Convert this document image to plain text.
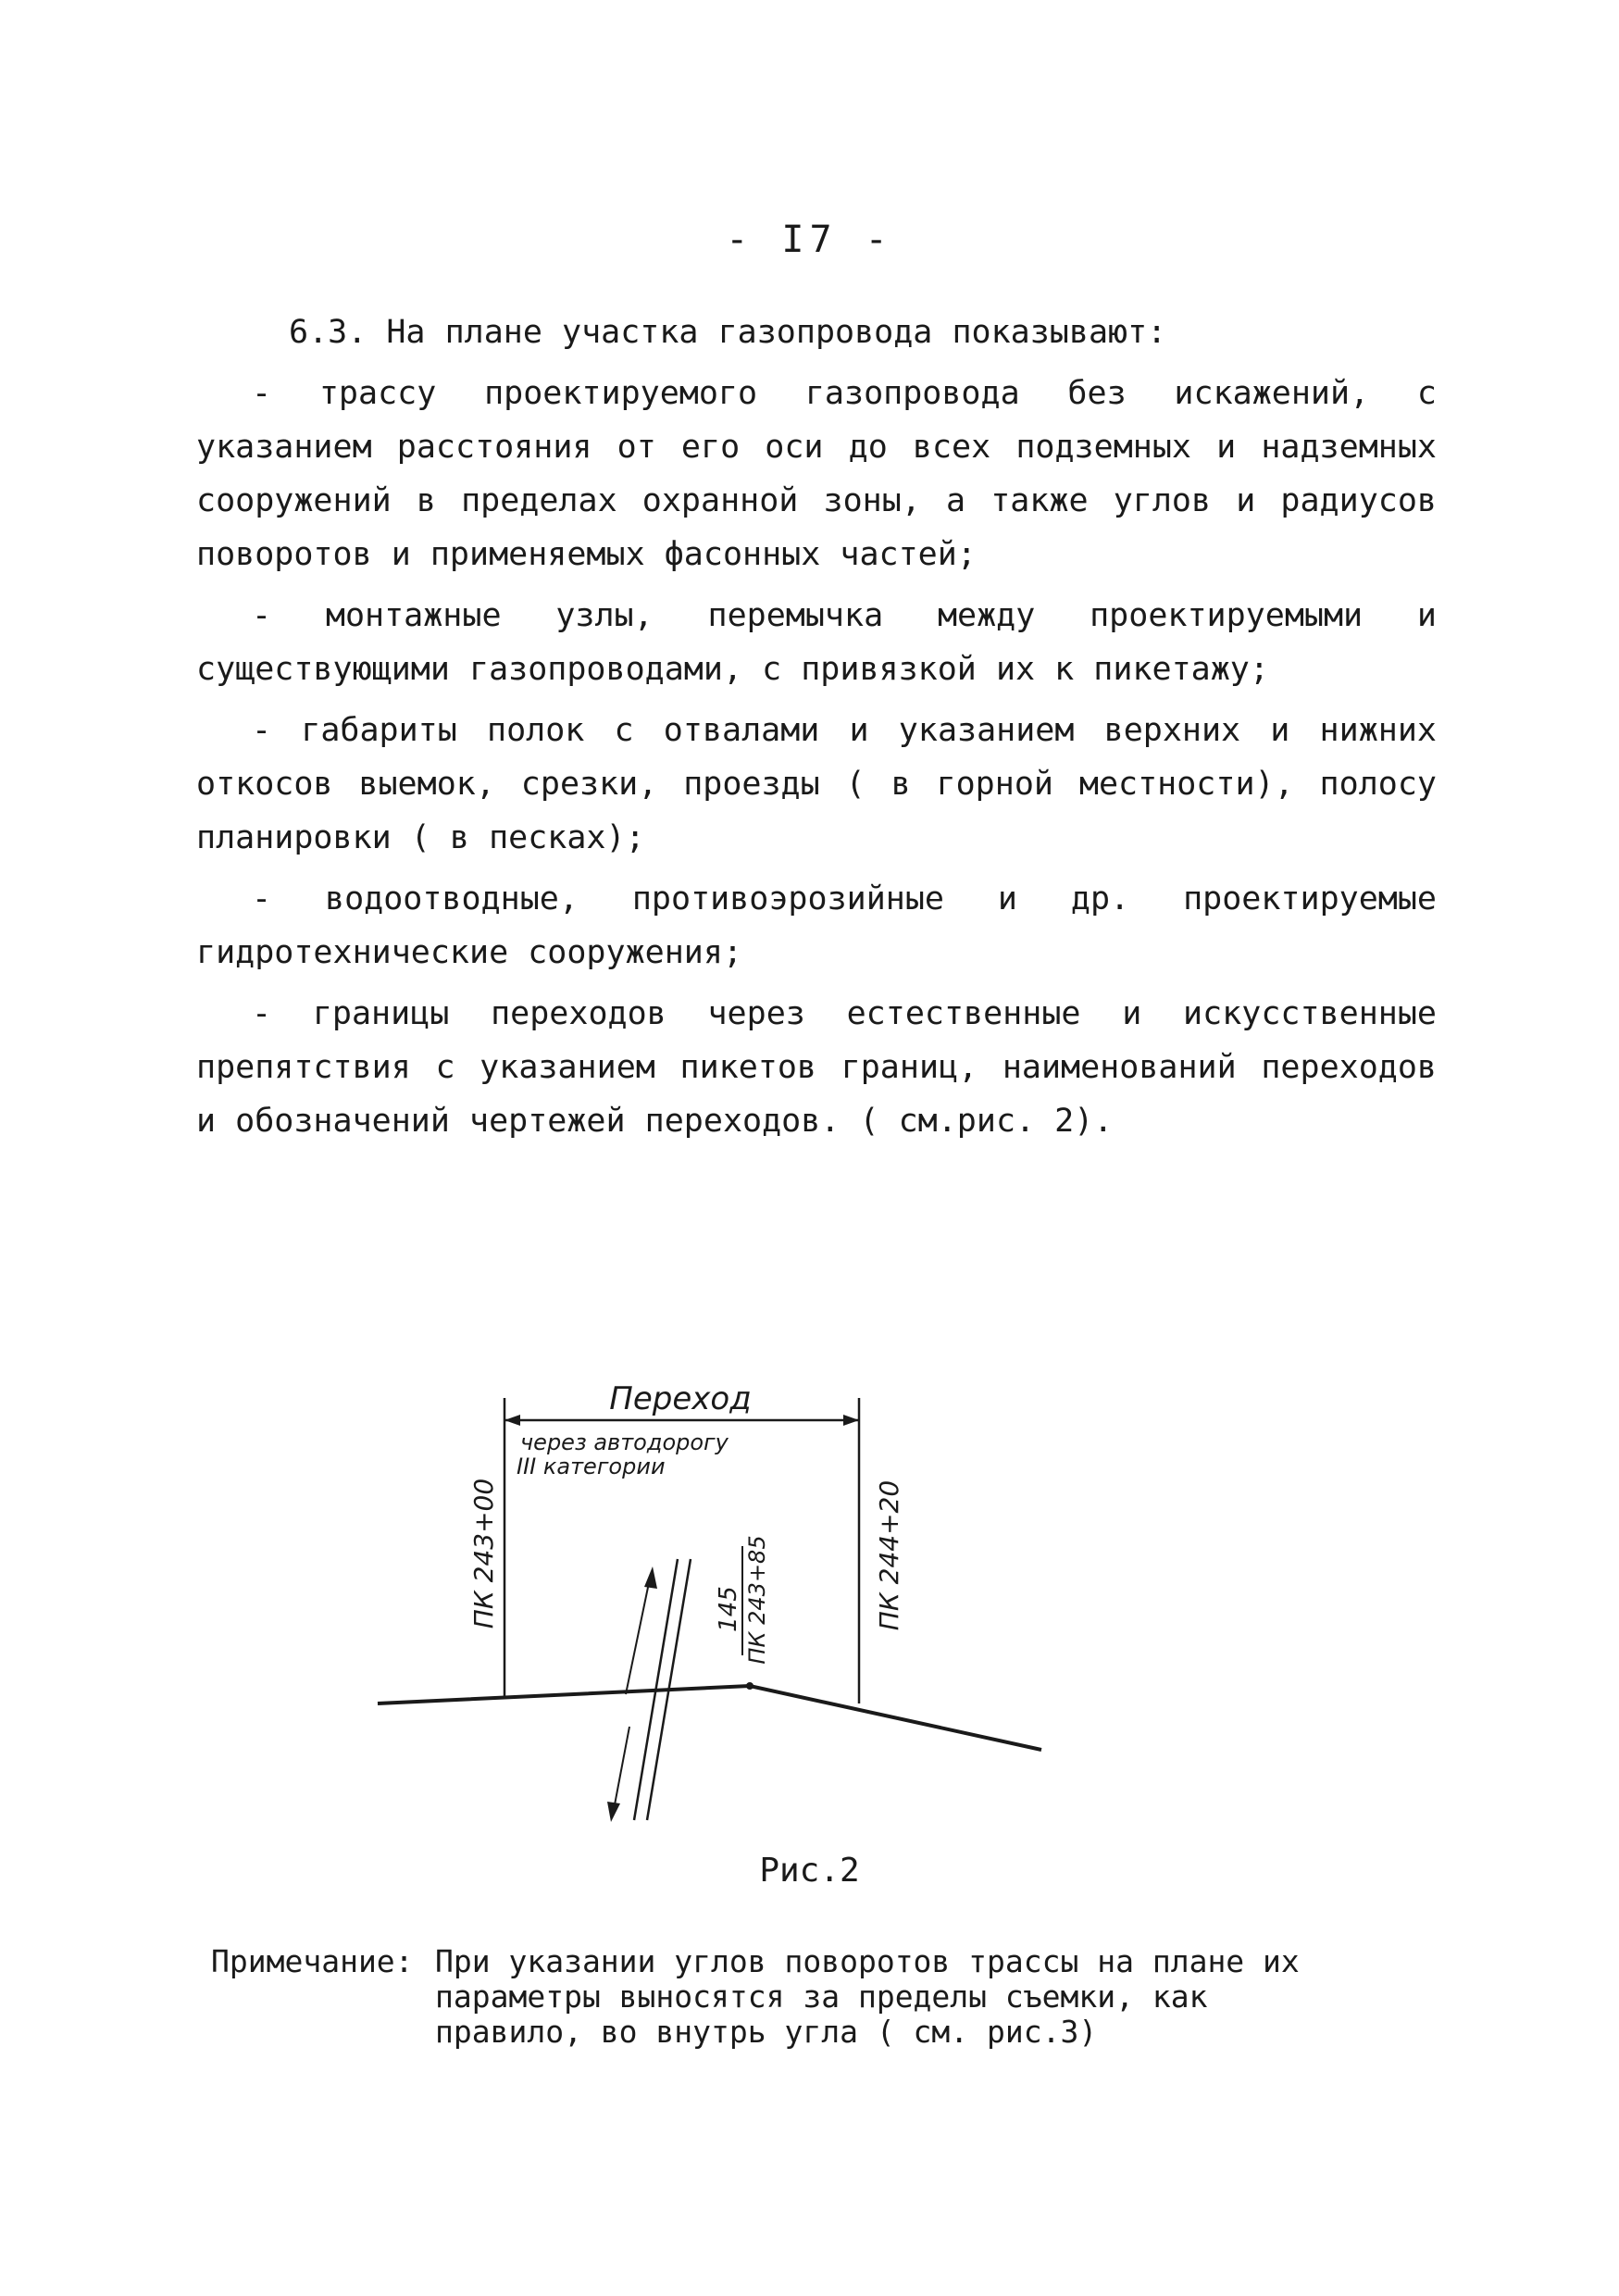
- I7 -

6.3. На плане участка газопровода показывают:

- трассу проектируемого газопровода без искажений, с указанием расстояния от его оси до всех подземных и надземных сооружений в пределах охранной зоны, а также углов и радиусов поворотов и применяемых фасонных частей;

- монтажные узлы, перемычка между проектируемыми и существующими газопроводами, с привязкой их к пикетажу;

- габариты полок с отвалами и указанием верхних и нижних откосов выемок, срезки, проезды ( в горной местности), полосу планировки ( в песках);

- водоотводные, противоэрозийные и др. проектируемые гидротехнические сооружения;

- границы переходов через естественные и искусственные препятствия с указанием пикетов границ, наименований переходов и обозначений чертежей переходов. ( см.рис. 2).

Переход
через автодорогу
III категории
ПК 243+00	ПК 244+20
145 ПК 243+85
Рис.2
Примечание: При указании углов поворотов трассы на плане их параметры выносятся за пределы съемки, как правило, во внутрь угла ( см. рис.3)
